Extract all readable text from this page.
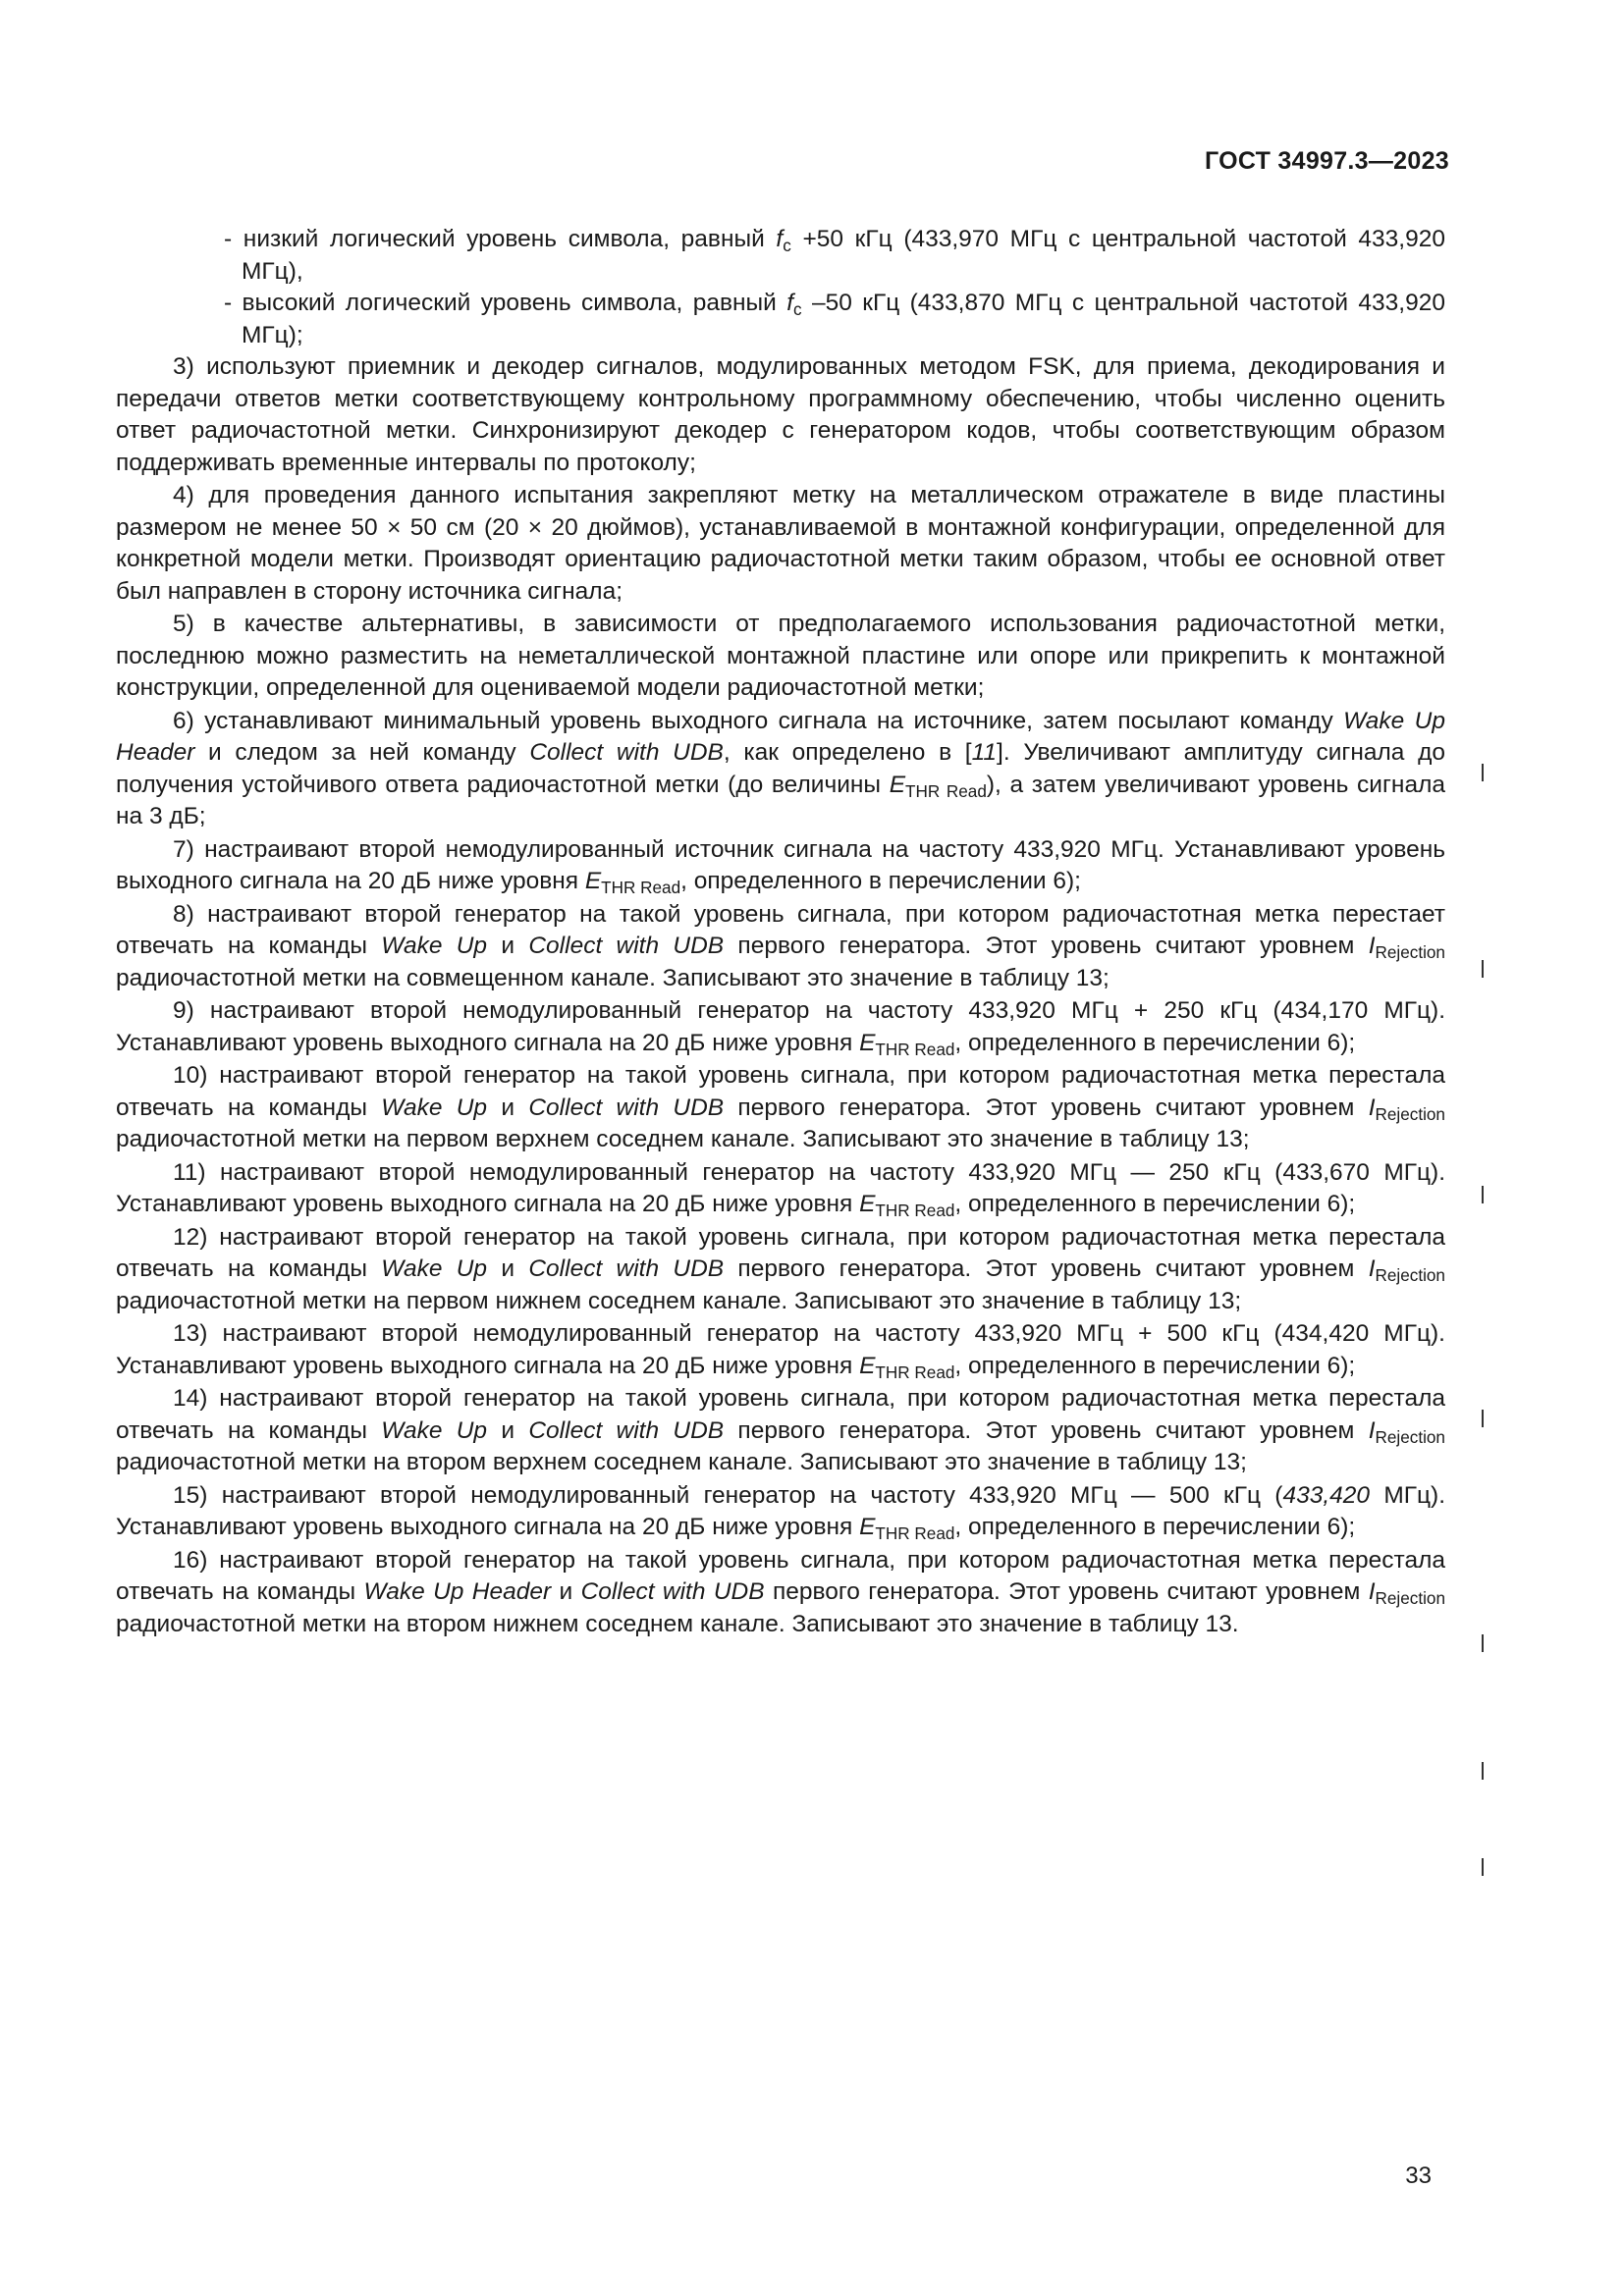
ГОСТ 34997.3—2023

- низкий логический уровень символа, равный $f_c +50$ кГц (433,970 МГц с центральной частотой 433,920 МГц),

- высокий логический уровень символа, равный $f_c$ –50 кГц (433,870 МГц с центральной частотой 433,920 МГц);

3) используют приемник и декодер сигналов, модулированных методом FSK, для приема, декодирования и передачи ответов метки соответствующему контрольному программному обеспечению, чтобы численно оценить ответ радиочастотной метки. Синхронизируют декодер с генератором кодов, чтобы соответствующим образом поддерживать временные интервалы по протоколу;

4) для проведения данного испытания закрепляют метку на металлическом отражателе в виде пластины размером не менее 50 × 50 см (20 × 20 дюймов), устанавливаемой в монтажной конфигурации, определенной для конкретной модели метки. Производят ориентацию радиочастотной метки таким образом, чтобы ее основной ответ был направлен в сторону источника сигнала;

5) в качестве альтернативы, в зависимости от предполагаемого использования радиочастотной метки, последнюю можно разместить на неметаллической монтажной пластине или опоре или прикрепить к монтажной конструкции, определенной для оцениваемой модели радиочастотной метки;

6) устанавливают минимальный уровень выходного сигнала на источнике, затем посылают команду Wake Up Header и следом за ней команду Collect with UDB, как определено в [11]. Увеличивают амплитуду сигнала до получения устойчивого ответа радиочастотной метки (до величины $E_{THR Read}$), а затем увеличивают уровень сигнала на 3 дБ;

7) настраивают второй немодулированный источник сигнала на частоту 433,920 МГц. Устанавливают уровень выходного сигнала на 20 дБ ниже уровня $E_{THR Read}$, определенного в перечислении 6);

8) настраивают второй генератор на такой уровень сигнала, при котором радиочастотная метка перестает отвечать на команды Wake Up и Collect with UDB первого генератора. Этот уровень считают уровнем $I_{Rejection}$ радиочастотной метки на совмещенном канале. Записывают это значение в таблицу 13;

9) настраивают второй немодулированный генератор на частоту 433,920 МГц + 250 кГц (434,170 МГц). Устанавливают уровень выходного сигнала на 20 дБ ниже уровня $E_{THR Read}$, определенного в перечислении 6);

10) настраивают второй генератор на такой уровень сигнала, при котором радиочастотная метка перестала отвечать на команды Wake Up и Collect with UDB первого генератора. Этот уровень считают уровнем $I_{Rejection}$ радиочастотной метки на первом верхнем соседнем канале. Записывают это значение в таблицу 13;

11) настраивают второй немодулированный генератор на частоту 433,920 МГц — 250 кГц (433,670 МГц). Устанавливают уровень выходного сигнала на 20 дБ ниже уровня $E_{THR Read}$, определенного в перечислении 6);

12) настраивают второй генератор на такой уровень сигнала, при котором радиочастотная метка перестала отвечать на команды Wake Up и Collect with UDB первого генератора. Этот уровень считают уровнем $I_{Rejection}$ радиочастотной метки на первом нижнем соседнем канале. Записывают это значение в таблицу 13;

13) настраивают второй немодулированный генератор на частоту 433,920 МГц + 500 кГц (434,420 МГц). Устанавливают уровень выходного сигнала на 20 дБ ниже уровня $E_{THR Read}$, определенного в перечислении 6);

14) настраивают второй генератор на такой уровень сигнала, при котором радиочастотная метка перестала отвечать на команды Wake Up и Collect with UDB первого генератора. Этот уровень считают уровнем $I_{Rejection}$ радиочастотной метки на втором верхнем соседнем канале. Записывают это значение в таблицу 13;

15) настраивают второй немодулированный генератор на частоту 433,920 МГц — 500 кГц (433,420 МГц). Устанавливают уровень выходного сигнала на 20 дБ ниже уровня $E_{THR Read}$, определенного в перечислении 6);

16) настраивают второй генератор на такой уровень сигнала, при котором радиочастотная метка перестала отвечать на команды Wake Up Header и Collect with UDB первого генератора. Этот уровень считают уровнем $I_{Rejection}$ радиочастотной метки на втором нижнем соседнем канале. Записывают это значение в таблицу 13.

33
